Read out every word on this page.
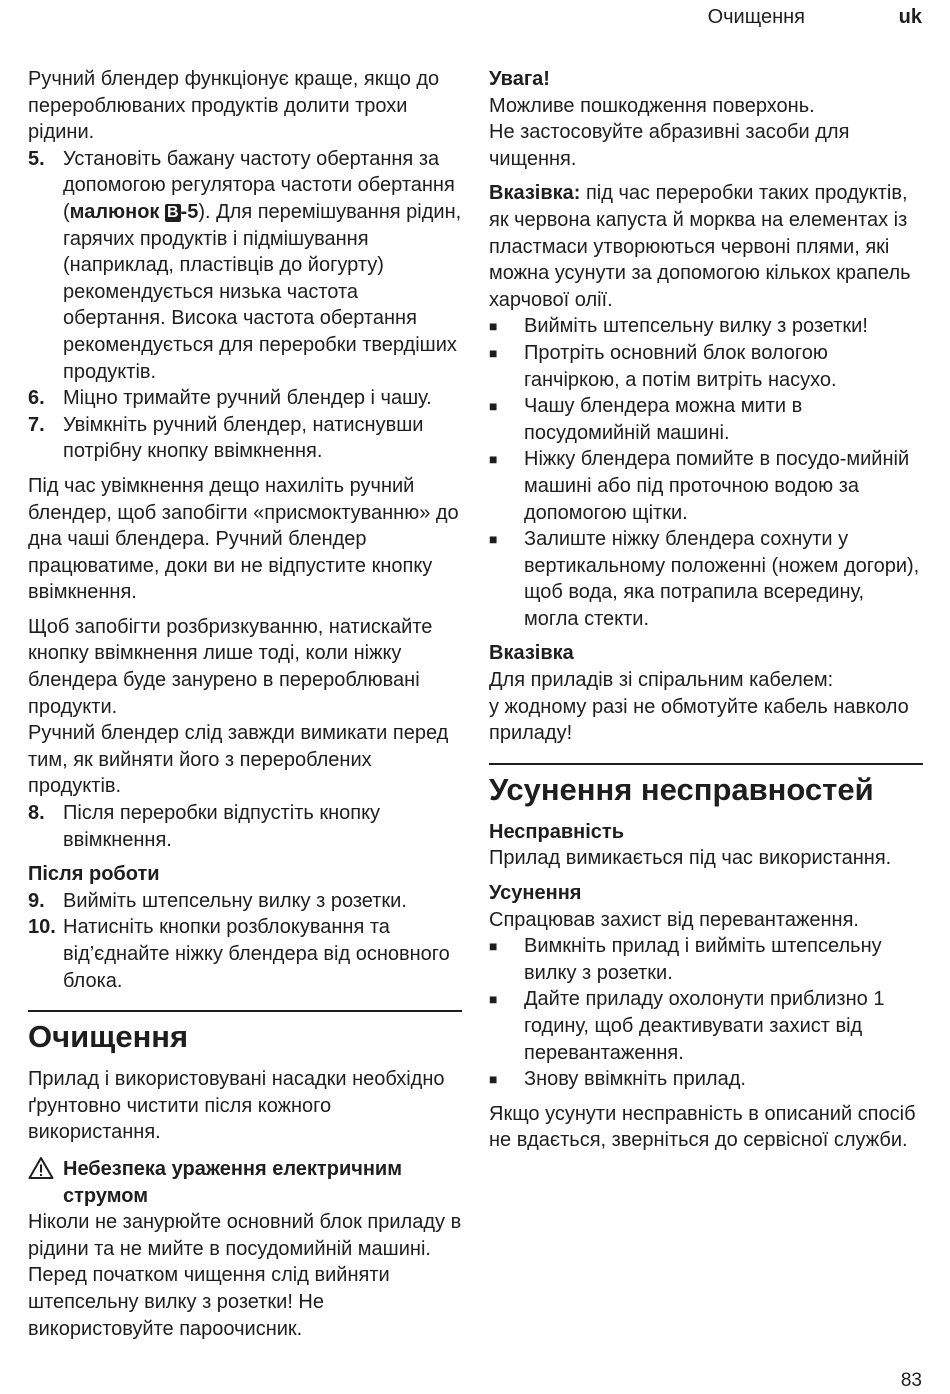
Очищення	uk

Ручний блендер функціонує краще, якщо до перероблюваних продуктів долити трохи рідини.

5. Установіть бажану частоту обертання за допомогою регулятора частоти обертання (малюнок B -5). Для перемішування рідин, гарячих продуктів і підмішування (наприклад, пластівців до йогурту) рекомендується низька частота обертання. Висока частота обертання рекомендується для переробки твердіших продуктів.
6. Міцно тримайте ручний блендер і чашу.
7. Увімкніть ручний блендер, натиснувши потрібну кнопку ввімкнення.

Під час увімкнення дещо нахиліть ручний блендер, щоб запобігти «присмоктуванню» до дна чаші блендера. Ручний блендер працюватиме, доки ви не відпустите кнопку ввімкнення.

Щоб запобігти розбризкуванню, натискайте кнопку ввімкнення лише тоді, коли ніжку блендера буде занурено в перероблювані продукти.

Ручний блендер слід завжди вимикати перед тим, як вийняти його з перероблених продуктів.

8. Після переробки відпустіть кнопку ввімкнення.
Після роботи
9. Вийміть штепсельну вилку з розетки.
10. Натисніть кнопки розблокування та від’єднайте ніжку блендера від основного блока.
Очищення

Прилад і використовувані насадки необхідно ґрунтовно чистити після кожного використання.

Небезпека ураження електричним струмом

Ніколи не занурюйте основний блок приладу в рідини та не мийте в посудомийній машині. Перед початком чищення слід вийняти штепсельну вилку з розетки! Не використовуйте пароочисник.

Увага!
Можливе пошкодження поверхонь.

Не застосовуйте абразивні засоби для чищення.

Вказівка: під час переробки таких продуктів, як червона капуста й морква на елементах із пластмаси утворюються червоні плями, які можна усунути за допомогою кількох крапель харчової олії.

■	Вийміть штепсельну вилку з розетки!
■	Протріть основний блок вологою ганчіркою, а потім витріть насухо.
■	Чашу блендера можна мити в посудомийній машині.
■	Ніжку блендера помийте в посудо-мийній машині або під проточною водою за допомогою щітки.
■	Залиште ніжку блендера сохнути у вертикальному положенні (ножем догори), щоб вода, яка потрапила всередину, могла стекти.
Вказівка
Для приладів зі спіральним кабелем:
у жодному разі не обмотуйте кабель навколо приладу!
Усунення несправностей
Несправність
Прилад вимикається під час використання.
Усунення
Спрацював захист від перевантаження.
■	Вимкніть прилад і вийміть штепсельну вилку з розетки.
■	Дайте приладу охолонути приблизно 1 годину, щоб деактивувати захист від перевантаження.
■	Знову ввімкніть прилад.

Якщо усунути несправність в описаний спосіб не вдається, зверніться до сервісної служби.

83
